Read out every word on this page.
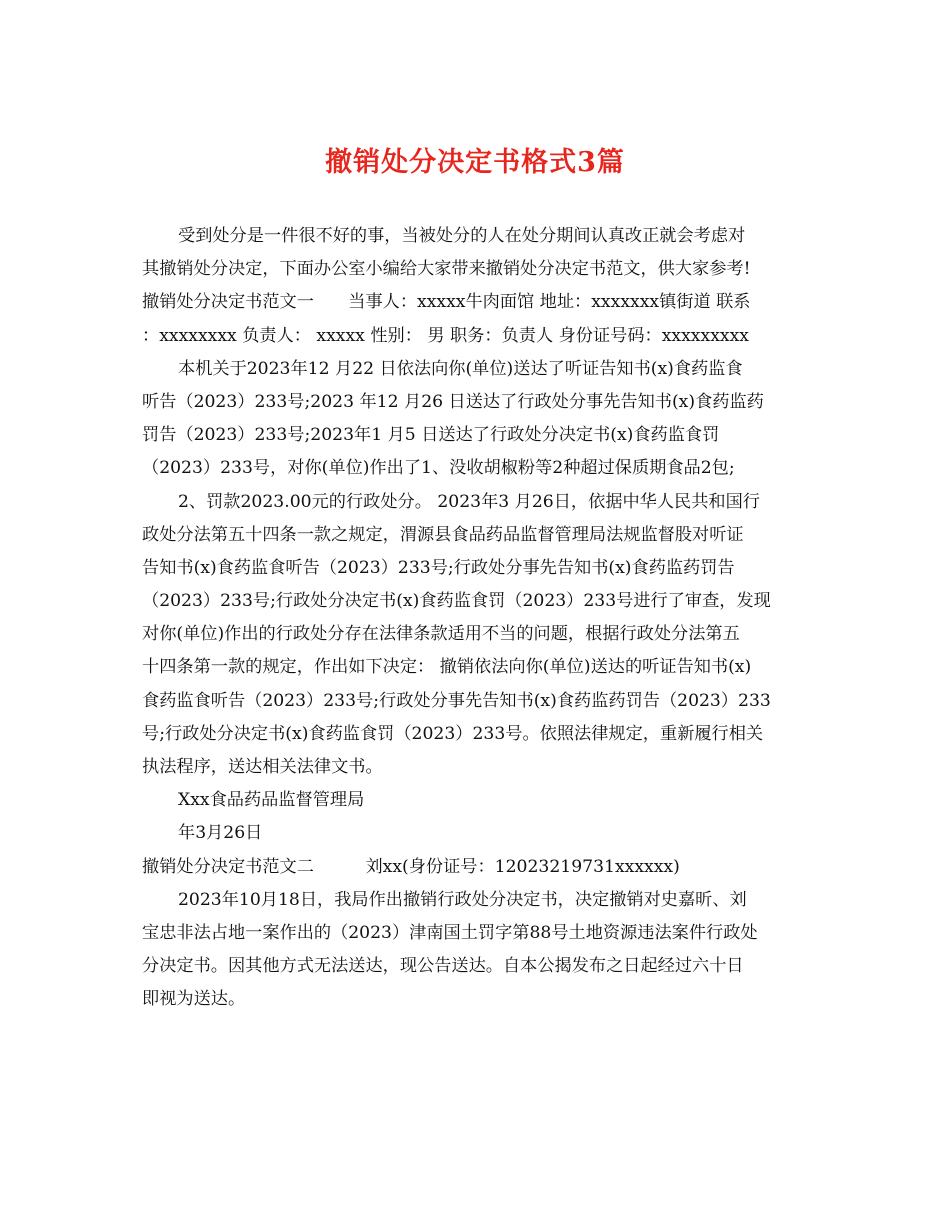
撤销处分决定书格式3篇
受到处分是一件很不好的事，当被处分的人在处分期间认真改正就会考虑对
其撤销处分决定，下面办公室小编给大家带来撤销处分决定书范文，供大家参考!
撤销处分决定书范文一　　当事人：xxxxx牛肉面馆 地址：xxxxxxx镇街道 联系
：xxxxxxxx 负责人： xxxxx 性别： 男 职务：负责人 身份证号码：xxxxxxxxx
本机关于2023年12 月22 日依法向你(单位)送达了听证告知书(x)食药监食
听告（2023）233号;2023 年12 月26 日送达了行政处分事先告知书(x)食药监药
罚告（2023）233号;2023年1 月5 日送达了行政处分决定书(x)食药监食罚
（2023）233号，对你(单位)作出了1、没收胡椒粉等2种超过保质期食品2包;
2、罚款2023.00元的行政处分。 2023年3 月26日，依据中华人民共和国行
政处分法第五十四条一款之规定，渭源县食品药品监督管理局法规监督股对听证
告知书(x)食药监食听告（2023）233号;行政处分事先告知书(x)食药监药罚告
（2023）233号;行政处分决定书(x)食药监食罚（2023）233号进行了审查，发现
对你(单位)作出的行政处分存在法律条款适用不当的问题，根据行政处分法第五
十四条第一款的规定，作出如下决定： 撤销依法向你(单位)送达的听证告知书(x)
食药监食听告（2023）233号;行政处分事先告知书(x)食药监药罚告（2023）233
号;行政处分决定书(x)食药监食罚（2023）233号。依照法律规定，重新履行相关
执法程序，送达相关法律文书。
Xxx食品药品监督管理局
年3月26日
撤销处分决定书范文二　　　刘xx(身份证号：12023219731xxxxxx)
2023年10月18日，我局作出撤销行政处分决定书，决定撤销对史嘉昕、刘
宝忠非法占地一案作出的（2023）津南国土罚字第88号土地资源违法案件行政处
分决定书。因其他方式无法送达，现公告送达。自本公揭发布之日起经过六十日
即视为送达。
